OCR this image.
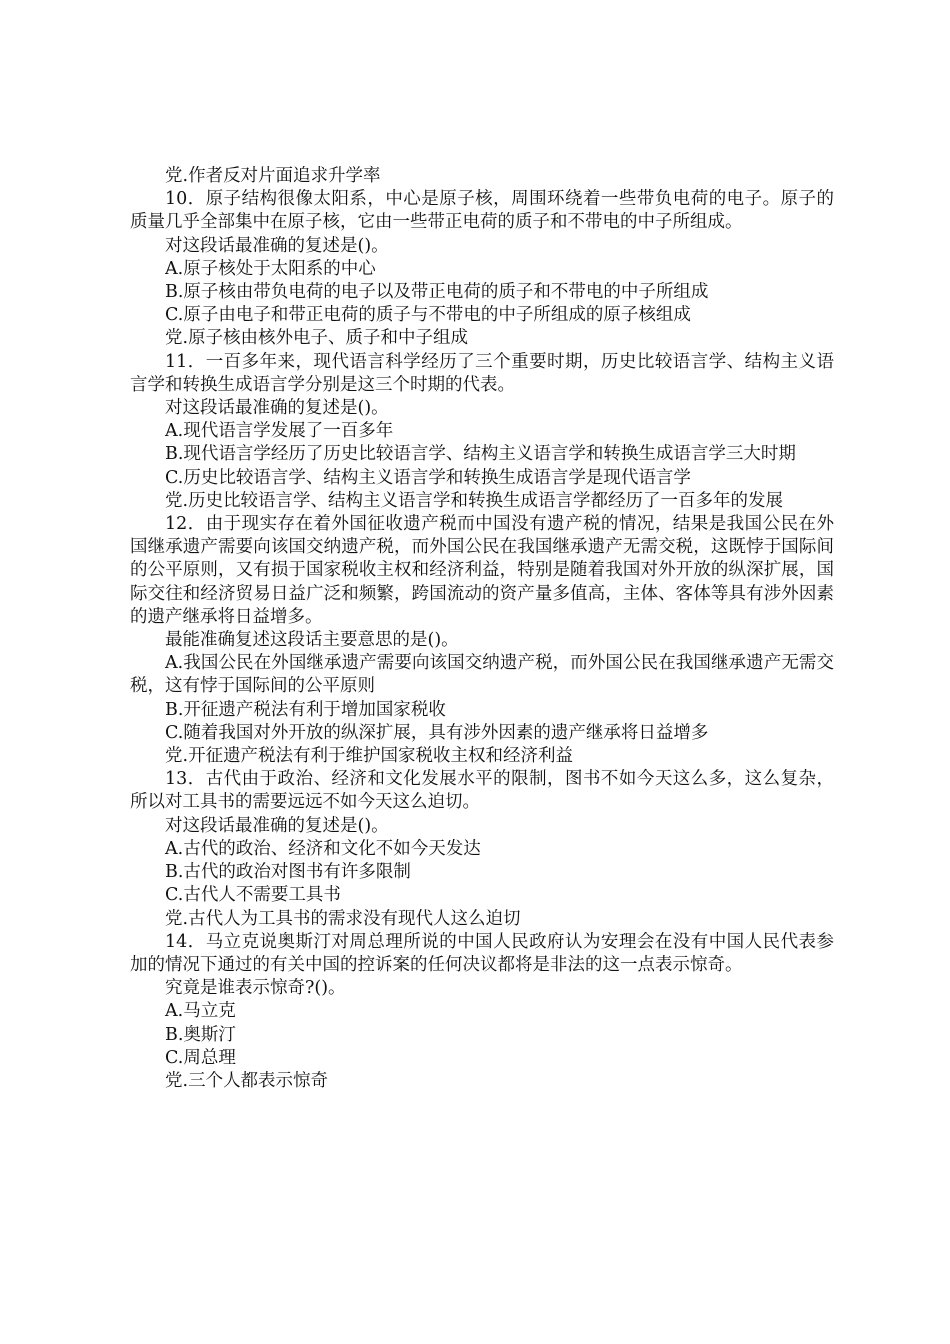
党.作者反对片面追求升学率

10．原子结构很像太阳系，中心是原子核，周围环绕着一些带负电荷的电子。原子的质量几乎全部集中在原子核，它由一些带正电荷的质子和不带电的中子所组成。

对这段话最准确的复述是()。

A.原子核处于太阳系的中心

B.原子核由带负电荷的电子以及带正电荷的质子和不带电的中子所组成

C.原子由电子和带正电荷的质子与不带电的中子所组成的原子核组成

党.原子核由核外电子、质子和中子组成

11．一百多年来，现代语言科学经历了三个重要时期，历史比较语言学、结构主义语言学和转换生成语言学分别是这三个时期的代表。

对这段话最准确的复述是()。

A.现代语言学发展了一百多年

B.现代语言学经历了历史比较语言学、结构主义语言学和转换生成语言学三大时期

C.历史比较语言学、结构主义语言学和转换生成语言学是现代语言学

党.历史比较语言学、结构主义语言学和转换生成语言学都经历了一百多年的发展

12．由于现实存在着外国征收遗产税而中国没有遗产税的情况，结果是我国公民在外国继承遗产需要向该国交纳遗产税，而外国公民在我国继承遗产无需交税，这既悖于国际间的公平原则，又有损于国家税收主权和经济利益，特别是随着我国对外开放的纵深扩展，国际交往和经济贸易日益广泛和频繁，跨国流动的资产量多值高，主体、客体等具有涉外因素的遗产继承将日益增多。

最能准确复述这段话主要意思的是()。

A.我国公民在外国继承遗产需要向该国交纳遗产税，而外国公民在我国继承遗产无需交税，这有悖于国际间的公平原则

B.开征遗产税法有利于增加国家税收

C.随着我国对外开放的纵深扩展，具有涉外因素的遗产继承将日益增多

党.开征遗产税法有利于维护国家税收主权和经济利益

13．古代由于政治、经济和文化发展水平的限制，图书不如今天这么多，这么复杂，所以对工具书的需要远远不如今天这么迫切。

对这段话最准确的复述是()。

A.古代的政治、经济和文化不如今天发达

B.古代的政治对图书有许多限制

C.古代人不需要工具书

党.古代人为工具书的需求没有现代人这么迫切

14．马立克说奥斯汀对周总理所说的中国人民政府认为安理会在没有中国人民代表参加的情况下通过的有关中国的控诉案的任何决议都将是非法的这一点表示惊奇。

究竟是谁表示惊奇?()。

A.马立克

B.奥斯汀

C.周总理

党.三个人都表示惊奇
